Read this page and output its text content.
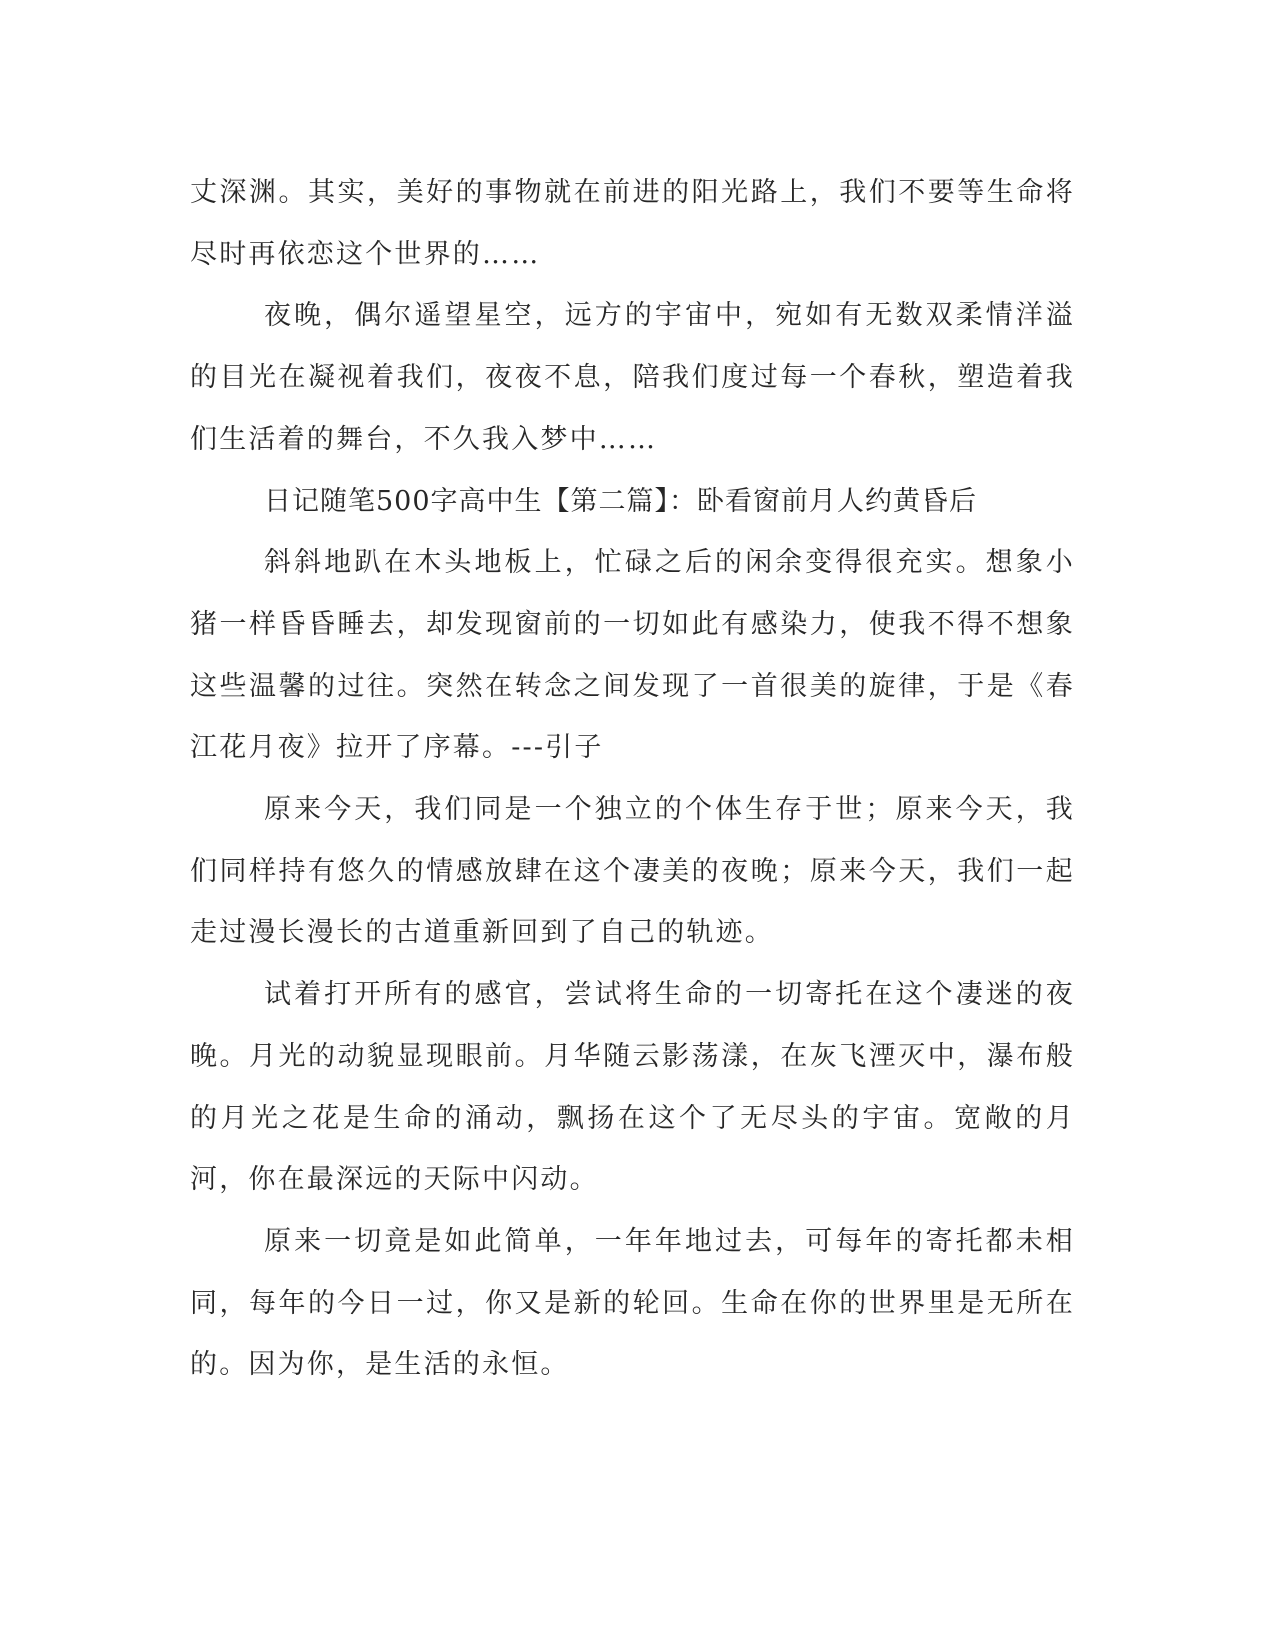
丈深渊。其实，美好的事物就在前进的阳光路上，我们不要等生命将尽时再依恋这个世界的……

夜晚，偶尔遥望星空，远方的宇宙中，宛如有无数双柔情洋溢的目光在凝视着我们，夜夜不息，陪我们度过每一个春秋，塑造着我们生活着的舞台，不久我入梦中……

日记随笔500字高中生【第二篇】：卧看窗前月人约黄昏后

斜斜地趴在木头地板上，忙碌之后的闲余变得很充实。想象小猪一样昏昏睡去，却发现窗前的一切如此有感染力，使我不得不想象这些温馨的过往。突然在转念之间发现了一首很美的旋律，于是《春江花月夜》拉开了序幕。---引子

原来今天，我们同是一个独立的个体生存于世；原来今天，我们同样持有悠久的情感放肆在这个凄美的夜晚；原来今天，我们一起走过漫长漫长的古道重新回到了自己的轨迹。

试着打开所有的感官，尝试将生命的一切寄托在这个凄迷的夜晚。月光的动貌显现眼前。月华随云影荡漾，在灰飞湮灭中，瀑布般的月光之花是生命的涌动，飘扬在这个了无尽头的宇宙。宽敞的月河，你在最深远的天际中闪动。

原来一切竟是如此简单，一年年地过去，可每年的寄托都未相同，每年的今日一过，你又是新的轮回。生命在你的世界里是无所在的。因为你，是生活的永恒。
